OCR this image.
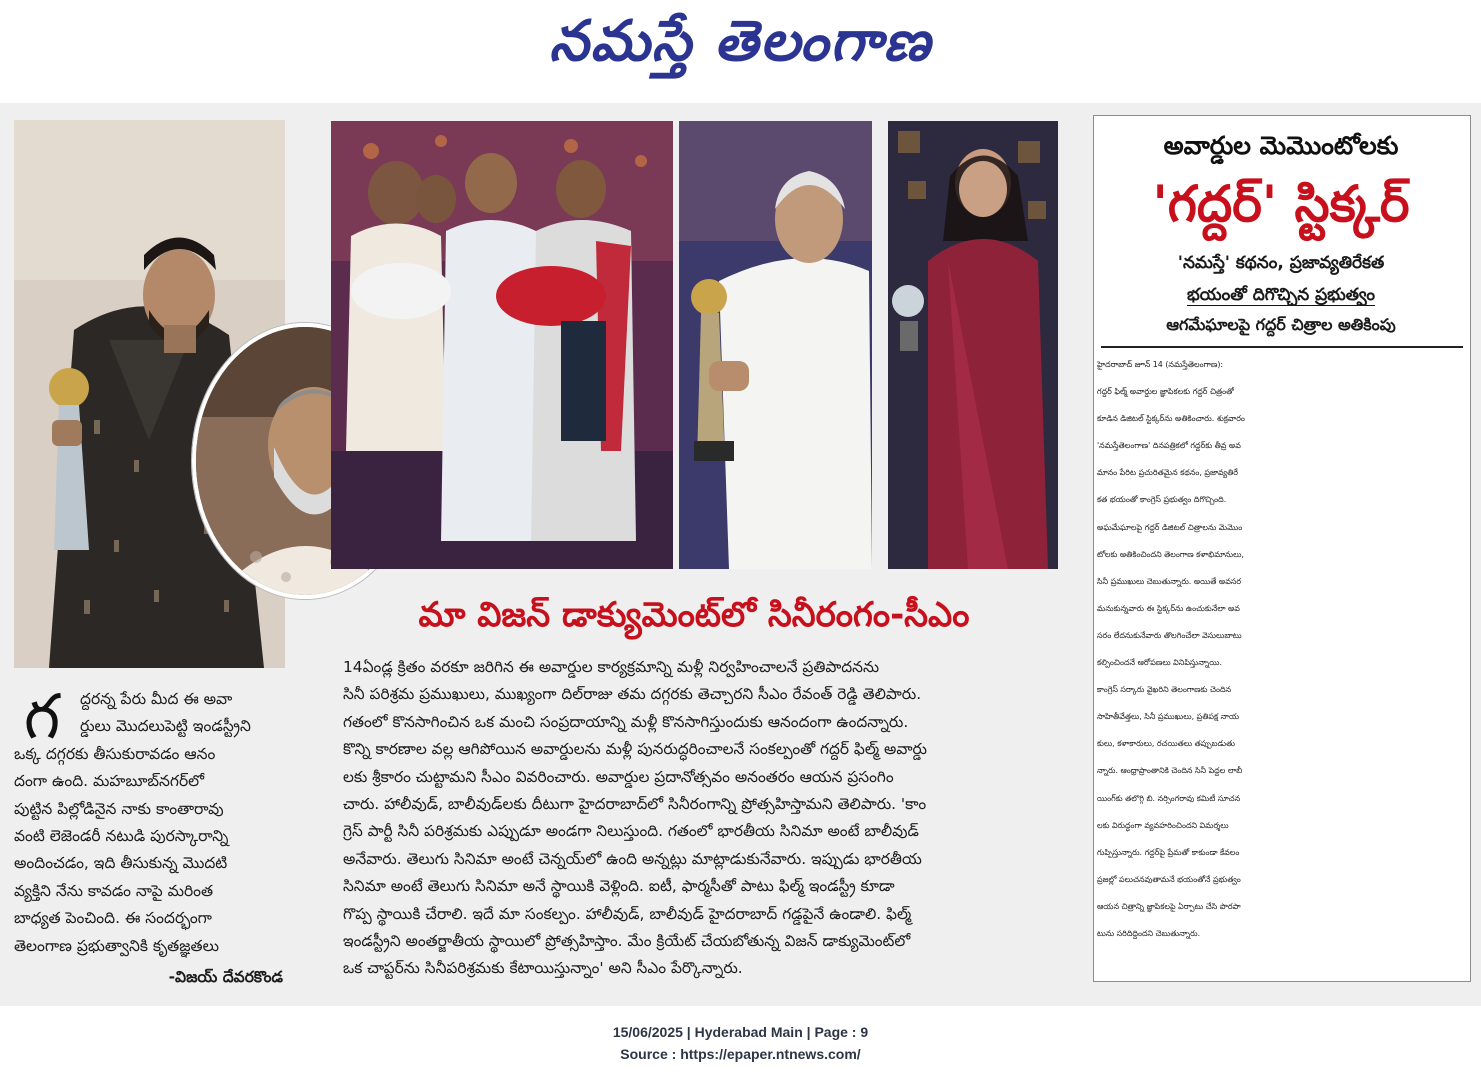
నమస్తే తెలంగాణ
గ ద్దరన్న పేరు మీద ఈ అవా
ర్డులు మొదలుపెట్టి ఇండస్ట్రీని
ఒక్క దగ్గరకు తీసుకురావడం ఆనం
దంగా ఉంది. మహబూబ్‌నగర్‌లో
పుట్టిన పిల్లోడినైన నాకు కాంతారావు
వంటి లెజెండరీ నటుడి పురస్కారాన్ని
అందించడం, ఇది తీసుకున్న మొదటి
వ్యక్తిని నేను కావడం నాపై మరింత
బాధ్యత పెంచింది. ఈ సందర్భంగా
తెలంగాణ ప్రభుత్వానికి కృతజ్ఞతలు
-విజయ్ దేవరకొండ
మా విజన్ డాక్యుమెంట్‌లో సినీరంగం-సీఎం
14ఏండ్ల క్రితం వరకూ జరిగిన ఈ అవార్డుల కార్యక్రమాన్ని మళ్లీ నిర్వహించాలనే ప్రతిపాదనను
సినీ పరిశ్రమ ప్రముఖులు, ముఖ్యంగా దిల్‌రాజు తమ దగ్గరకు తెచ్చారని సీఎం రేవంత్ రెడ్డి తెలిపారు.
గతంలో కొనసాగించిన ఒక మంచి సంప్రదాయాన్ని మళ్లీ కొనసాగిస్తుందుకు ఆనందంగా ఉందన్నారు.
కొన్ని కారణాల వల్ల ఆగిపోయిన అవార్డులను మళ్లీ పునరుద్ధరించాలనే సంకల్పంతో గద్దర్ ఫిల్మ్ అవార్డు
లకు శ్రీకారం చుట్టామని సీఎం వివరించారు. అవార్డుల ప్రదానోత్సవం అనంతరం ఆయన ప్రసంగిం
చారు. హాలీవుడ్, బాలీవుడ్‌లకు దీటుగా హైదరాబాద్‌లో సినీరంగాన్ని ప్రోత్సహిస్తామని తెలిపారు. 'కాం
గ్రెస్ పార్టీ సినీ పరిశ్రమకు ఎప్పుడూ అండగా నిలుస్తుంది. గతంలో భారతీయ సినిమా అంటే బాలీవుడ్
అనేవారు. తెలుగు సినిమా అంటే చెన్నయ్‌లో ఉంది అన్నట్లు మాట్లాడుకునేవారు. ఇప్పుడు భారతీయ
సినిమా అంటే తెలుగు సినిమా అనే స్థాయికి వెళ్లింది. ఐటీ, ఫార్మసీతో పాటు ఫిల్మ్ ఇండస్ట్రీ కూడా
గొప్ప స్థాయికి చేరాలి. ఇదే మా సంకల్పం. హాలీవుడ్, బాలీవుడ్ హైదరాబాద్ గడ్డపైనే ఉండాలి. ఫిల్మ్
ఇండస్ట్రీని అంతర్జాతీయ స్థాయిలో ప్రోత్సహిస్తాం. మేం క్రియేట్ చేయబోతున్న విజన్ డాక్యుమెంట్‌లో
ఒక చాప్టర్‌ను సినీపరిశ్రమకు కేటాయిస్తున్నాం' అని సీఎం పేర్కొన్నారు.
అవార్డుల మెమొంటోలకు
'గద్దర్' స్టిక్కర్
'నమస్తే' కథనం, ప్రజావ్యతిరేకత
భయంతో దిగొచ్చిన ప్రభుత్వం
ఆగమేఘాలపై గద్దర్ చిత్రాల అతికింపు
హైదరాబాద్ జూన్ 14 (నమస్తేతెలంగాణ):
గద్దర్ ఫిల్మ్ అవార్డుల జ్ఞాపికలకు గద్దర్ చిత్రంతో
కూడిన డిజిటల్ స్టిక్కర్‌ను అతికించారు. శుక్రవారం
'నమస్తేతెలంగాణ' దినపత్రికలో గద్దర్‌కు తీవ్ర అవ
మానం పేరిట ప్రచురితమైన కథనం, ప్రజావ్యతిరే
కత భయంతో కాంగ్రెస్ ప్రభుత్వం దిగొచ్చింది.
అఘమేఘాలపై గద్దర్ డిజిటల్ చిత్రాలను మెమొం
టోలకు అతికించిందని తెలంగాణ కళాభిమానులు,
సినీ ప్రముఖులు చెబుతున్నారు. అయితే అవసర
మనుకున్నవారు ఈ స్టిక్కర్‌ను ఉంచుకునేలా అవ
సరం లేదనుకునేవారు తొలగించేలా వెసులుబాటు
కల్పించిందనే ఆరోపణలు వినిపిస్తున్నాయి.
కాంగ్రెస్ సర్కారు వైఖరిని తెలంగాణకు చెందిన
సాహితీవేత్తలు, సినీ ప్రముఖులు, ప్రతిపక్ష నాయ
కులు, కళాకారులు, రచయితలు తప్పుబడుతు
న్నారు. ఆంధ్రాప్రాంతానికి చెందిన సినీ పెద్దల లాబీ
యింగ్‌కు తలొగ్గి బి. నర్సింగరావు కమిటీ సూచన
లకు విరుద్ధంగా వ్యవహరించిందని విమర్శలు
గుప్పిస్తున్నారు. గద్దర్‌పై ప్రేమతో కాకుండా కేవలం
ప్రజల్లో పలుచనవుతామనే భయంతోనే ప్రభుత్వం
ఆయన చిత్రాన్ని జ్ఞాపికలపై ఏర్పాటు చేసి పొరపా
టును సరిదిద్దిందని చెబుతున్నారు.
15/06/2025 | Hyderabad Main | Page : 9
Source : https://epaper.ntnews.com/
